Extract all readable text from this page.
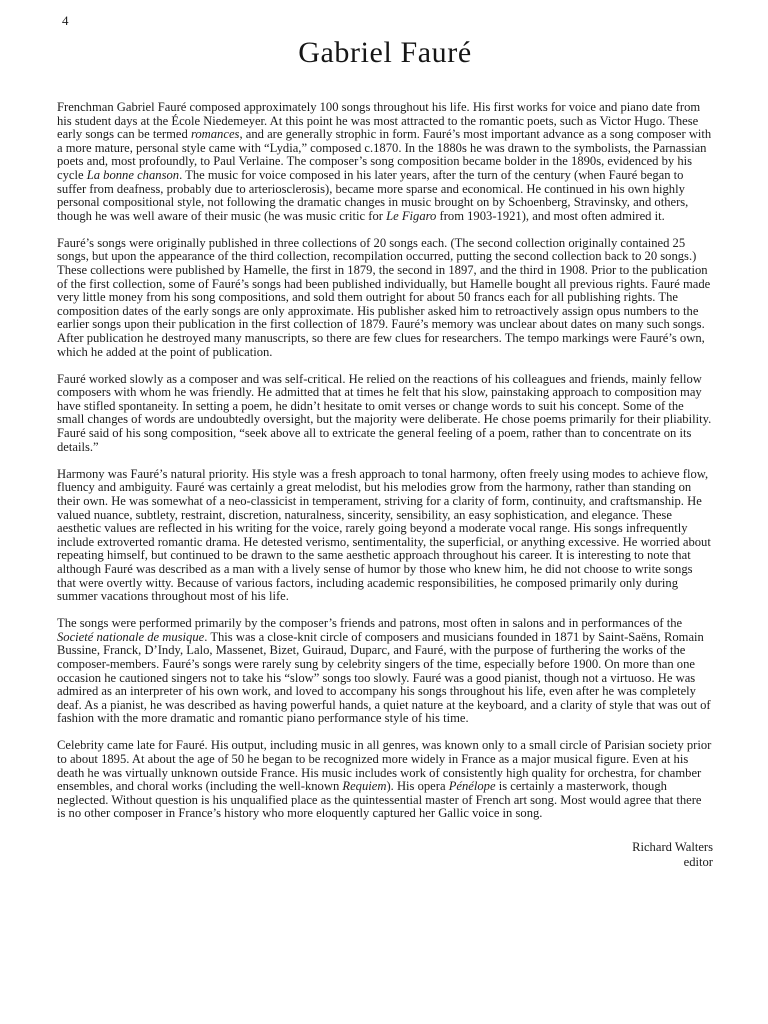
4
Gabriel Fauré

Frenchman Gabriel Fauré composed approximately 100 songs throughout his life. His first works for voice and piano date from his student days at the École Niedemeyer. At this point he was most attracted to the romantic poets, such as Victor Hugo. These early songs can be termed romances, and are generally strophic in form. Fauré’s most important advance as a song composer with a more mature, personal style came with “Lydia,” composed c.1870. In the 1880s he was drawn to the symbolists, the Parnassian poets and, most profoundly, to Paul Verlaine. The composer’s song composition became bolder in the 1890s, evidenced by his cycle La bonne chanson. The music for voice composed in his later years, after the turn of the century (when Fauré began to suffer from deafness, probably due to arteriosclerosis), became more sparse and economical. He continued in his own highly personal compositional style, not following the dramatic changes in music brought on by Schoenberg, Stravinsky, and others, though he was well aware of their music (he was music critic for Le Figaro from 1903-1921), and most often admired it.

Fauré’s songs were originally published in three collections of 20 songs each. (The second collection originally contained 25 songs, but upon the appearance of the third collection, recompilation occurred, putting the second collection back to 20 songs.) These collections were published by Hamelle, the first in 1879, the second in 1897, and the third in 1908. Prior to the publication of the first collection, some of Fauré’s songs had been published individually, but Hamelle bought all previous rights. Fauré made very little money from his song compositions, and sold them outright for about 50 francs each for all publishing rights. The composition dates of the early songs are only approximate. His publisher asked him to retroactively assign opus numbers to the earlier songs upon their publication in the first collection of 1879. Fauré’s memory was unclear about dates on many such songs. After publication he destroyed many manuscripts, so there are few clues for researchers. The tempo markings were Fauré’s own, which he added at the point of publication.

Fauré worked slowly as a composer and was self-critical. He relied on the reactions of his colleagues and friends, mainly fellow composers with whom he was friendly. He admitted that at times he felt that his slow, painstaking approach to composition may have stifled spontaneity. In setting a poem, he didn’t hesitate to omit verses or change words to suit his concept. Some of the small changes of words are undoubtedly oversight, but the majority were deliberate. He chose poems primarily for their pliability. Fauré said of his song composition, “seek above all to extricate the general feeling of a poem, rather than to concentrate on its details.”

Harmony was Fauré’s natural priority. His style was a fresh approach to tonal harmony, often freely using modes to achieve flow, fluency and ambiguity. Fauré was certainly a great melodist, but his melodies grow from the harmony, rather than standing on their own. He was somewhat of a neo-classicist in temperament, striving for a clarity of form, continuity, and craftsmanship. He valued nuance, subtlety, restraint, discretion, naturalness, sincerity, sensibility, an easy sophistication, and elegance. These aesthetic values are reflected in his writing for the voice, rarely going beyond a moderate vocal range. His songs infrequently include extroverted romantic drama. He detested verismo, sentimentality, the superficial, or anything excessive. He worried about repeating himself, but continued to be drawn to the same aesthetic approach throughout his career. It is interesting to note that although Fauré was described as a man with a lively sense of humor by those who knew him, he did not choose to write songs that were overtly witty. Because of various factors, including academic responsibilities, he composed primarily only during summer vacations throughout most of his life.

The songs were performed primarily by the composer’s friends and patrons, most often in salons and in performances of the Societé nationale de musique. This was a close-knit circle of composers and musicians founded in 1871 by Saint-Saëns, Romain Bussine, Franck, D’Indy, Lalo, Massenet, Bizet, Guiraud, Duparc, and Fauré, with the purpose of furthering the works of the composer-members. Fauré’s songs were rarely sung by celebrity singers of the time, especially before 1900. On more than one occasion he cautioned singers not to take his “slow” songs too slowly. Fauré was a good pianist, though not a virtuoso. He was admired as an interpreter of his own work, and loved to accompany his songs throughout his life, even after he was completely deaf. As a pianist, he was described as having powerful hands, a quiet nature at the keyboard, and a clarity of style that was out of fashion with the more dramatic and romantic piano performance style of his time.

Celebrity came late for Fauré. His output, including music in all genres, was known only to a small circle of Parisian society prior to about 1895. At about the age of 50 he began to be recognized more widely in France as a major musical figure. Even at his death he was virtually unknown outside France. His music includes work of consistently high quality for orchestra, for chamber ensembles, and choral works (including the well-known Requiem). His opera Pénélope is certainly a masterwork, though neglected. Without question is his unqualified place as the quintessential master of French art song. Most would agree that there is no other composer in France’s history who more eloquently captured her Gallic voice in song.

Richard Walters
editor
